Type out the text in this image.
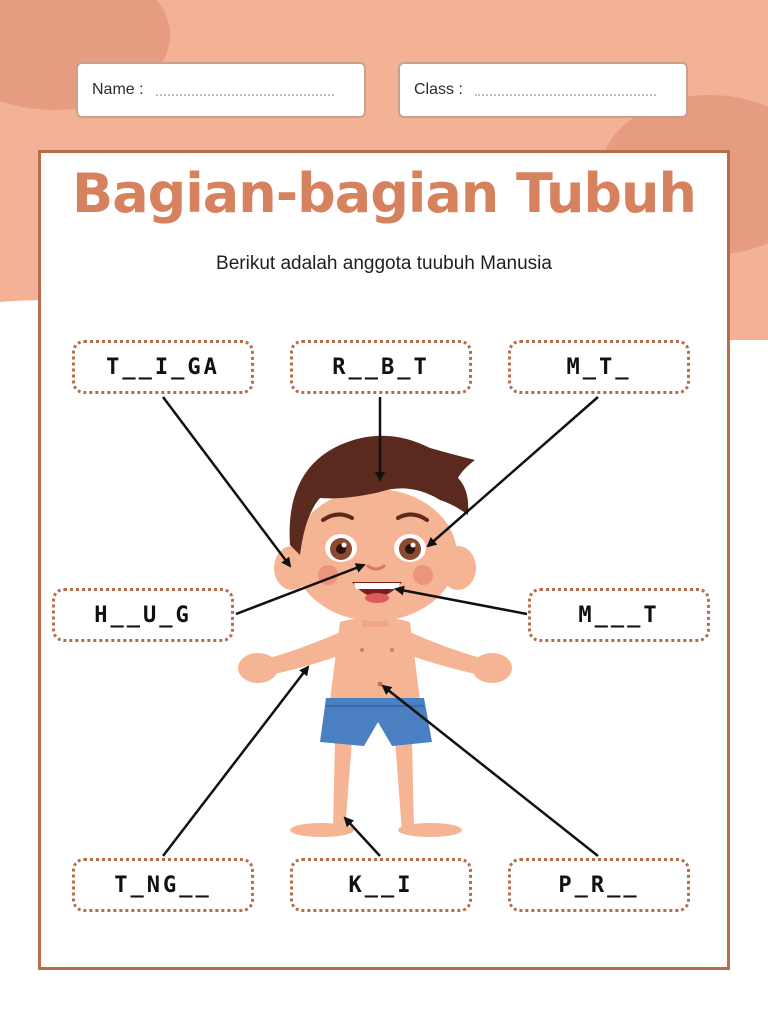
Name :	Class :
Bagian-bagian Tubuh
Berikut adalah anggota tuubuh Manusia
T__I_GA	R__B_T	M_T_
H__U_G	M___T
T_NG__	K__I	P_R__
